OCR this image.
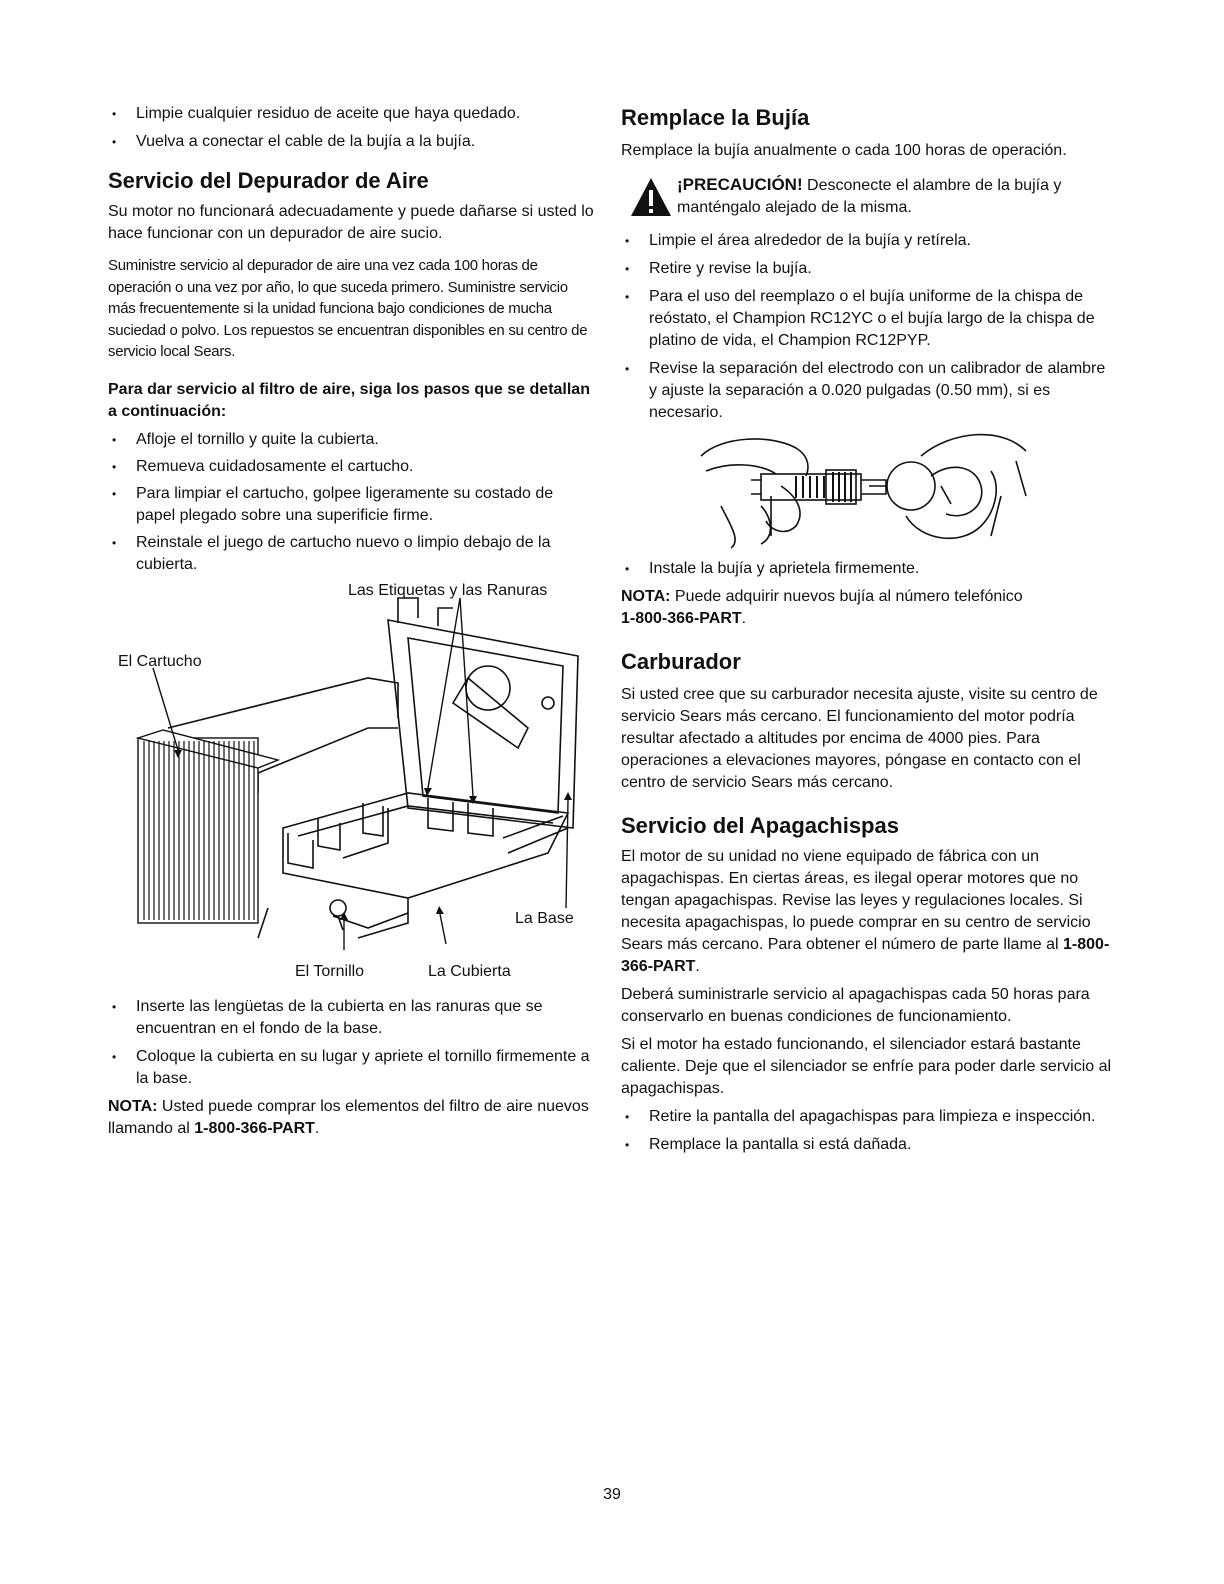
• Limpie cualquier residuo de aceite que haya quedado.
• Vuelva a conectar el cable de la bujía a la bujía.
Servicio del Depurador de Aire

Su motor no funcionará adecuadamente y puede dañarse si usted lo hace funcionar con un depurador de aire sucio.

Suministre servicio al depurador de aire una vez cada 100 horas de operación o una vez por año, lo que suceda primero. Suministre servicio más frecuentemente si la unidad funciona bajo condiciones de mucha suciedad o polvo. Los repuestos se encuentran disponibles en su centro de servicio local Sears.

Para dar servicio al filtro de aire, siga los pasos que se detallan a continuación:

• Afloje el tornillo y quite la cubierta.
• Remueva cuidadosamente el cartucho.
• Para limpiar el cartucho, golpee ligeramente su costado de papel plegado sobre una superificie firme.
• Reinstale el juego de cartucho nuevo o limpio debajo de la cubierta.
Las Etiquetas y las Ranuras
El Cartucho
La Base
El Tornillo	La Cubierta
• Inserte las lengüetas de la cubierta en las ranuras que se encuentran en el fondo de la base.
• Coloque la cubierta en su lugar y apriete el tornillo firmemente a la base.

NOTA: Usted puede comprar los elementos del filtro de aire nuevos llamando al 1-800-366-PART.

Remplace la Bujía

Remplace la bujía anualmente o cada 100 horas de operación.

¡PRECAUCIÓN! Desconecte el alambre de la bujía y manténgalo alejado de la misma.

• Limpie el área alrededor de la bujía y retírela.
• Retire y revise la bujía.
• Para el uso del reemplazo o el bujía uniforme de la chispa de reóstato, el Champion RC12YC o el bujía largo de la chispa de platino de vida, el Champion RC12PYP.
• Revise la separación del electrodo con un calibrador de alambre y ajuste la separación a 0.020 pulgadas (0.50 mm), si es necesario.
• Instale la bujía y aprietela firmemente.

NOTA: Puede adquirir nuevos bujía al número telefónico
1-800-366-PART.

Carburador

Si usted cree que su carburador necesita ajuste, visite su centro de servicio Sears más cercano. El funcionamiento del motor podría resultar afectado a altitudes por encima de 4000 pies. Para operaciones a elevaciones mayores, póngase en contacto con el centro de servicio Sears más cercano.

Servicio del Apagachispas

El motor de su unidad no viene equipado de fábrica con un apagachispas. En ciertas áreas, es ilegal operar motores que no tengan apagachispas. Revise las leyes y regulaciones locales. Si necesita apagachispas, lo puede comprar en su centro de servicio Sears más cercano. Para obtener el número de parte llame al 1-800-366-PART.

Deberá suministrarle servicio al apagachispas cada 50 horas para conservarlo en buenas condiciones de funcionamiento.

Si el motor ha estado funcionando, el silenciador estará bastante caliente. Deje que el silenciador se enfríe para poder darle servicio al apagachispas.

• Retire la pantalla del apagachispas para limpieza e inspección.
• Remplace la pantalla si está dañada.
39
